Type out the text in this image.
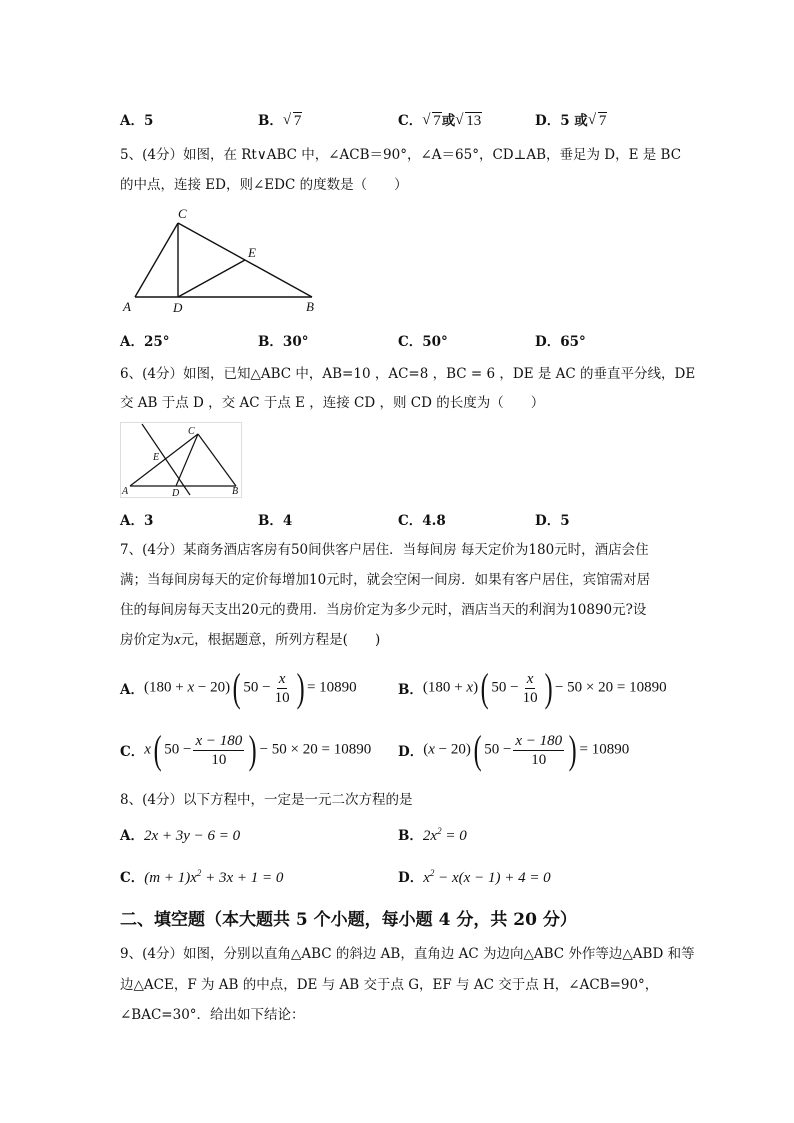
A．5	B． √ 7	C． √ 7或 √ 13	D．5 或 √ 7
5、(4分）如图，在 Rt∨ABC 中，∠ACB＝90°，∠A＝65°，CD⊥AB，垂足为 D，E 是 BC
的中点，连接 ED，则∠EDC 的度数是（　　）
C
E
A	D	B
A．25°	B．30°	C．50°	D．65°
6、(4分）如图，已知△ABC 中，AB=10 ，AC=8 ，BC = 6 ，DE 是 AC 的垂直平分线，DE
交 AB 于点 D ，交 AC 于点 E ，连接 CD ，则 CD 的长度为（　　）
C
E
A	D	B
A．3	B．4	C．4.8	D．5
7、(4分）某商务酒店客房有50间供客户居住．当每间房 每天定价为180元时，酒店会住
满；当每间房每天的定价每增加10元时，就会空闲一间房．如果有客户居住，宾馆需对居
住的每间房每天支出20元的费用．当房价定为多少元时，酒店当天的利润为10890元?设
房价定为x元，根据题意，所列方程是(　　)
A． (180 + x − 20)( $50 - \frac{x}{10}$ ) = 10890	B． (180 + x)( $50 - \frac{x}{10}$ ) − 50 × 20 = 10890
C． x( $50 - \frac{x - 180}{10}$ ) − 50 × 20 = 10890 D． (x − 20)( $50 - \frac{x - 180}{10}$ ) = 10890
8、(4分）以下方程中，一定是一元二次方程的是
A．2x + 3y − 6 = 0	B．$2x^2 = 0$
C．$(m + 1)x^2 + 3x + 1 = 0$	D．$x^2 - x(x - 1) + 4 = 0$
二、填空题（本大题共 5 个小题，每小题 4 分，共 20 分）
9、(4分）如图，分别以直角△ABC 的斜边 AB，直角边 AC 为边向△ABC 外作等边△ABD 和等
边△ACE，F 为 AB 的中点，DE 与 AB 交于点 G，EF 与 AC 交于点 H，∠ACB=90°，
∠BAC=30°．给出如下结论：
